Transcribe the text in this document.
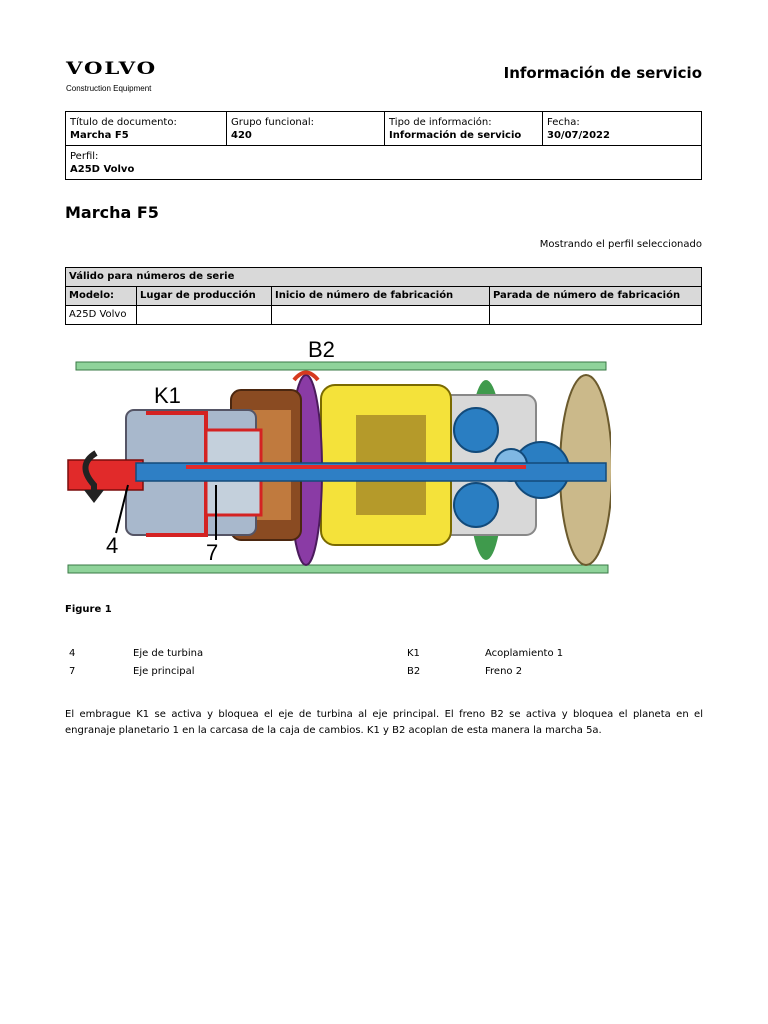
VOLVO
Construction Equipment
Información de servicio
Título de documento:
Marcha F5

Grupo funcional:
420

Tipo de información:
Información de servicio

Fecha:
30/07/2022

Perfil:
A25D Volvo
Marcha F5
Mostrando el perfil seleccionado
Válido para números de serie			
Modelo:	Lugar de producción	Inicio de número de fabricación	Parada de número de fabricación
A25D Volvo			
B2
K1
4	7
Figure 1
4	Eje de turbina	K1	Acoplamiento 1
7	Eje principal	B2	Freno 2

El embrague K1 se activa y bloquea el eje de turbina al eje principal. El freno B2 se activa y bloquea el planeta en el engranaje planetario 1 en la carcasa de la caja de cambios. K1 y B2 acoplan de esta manera la marcha 5a.
